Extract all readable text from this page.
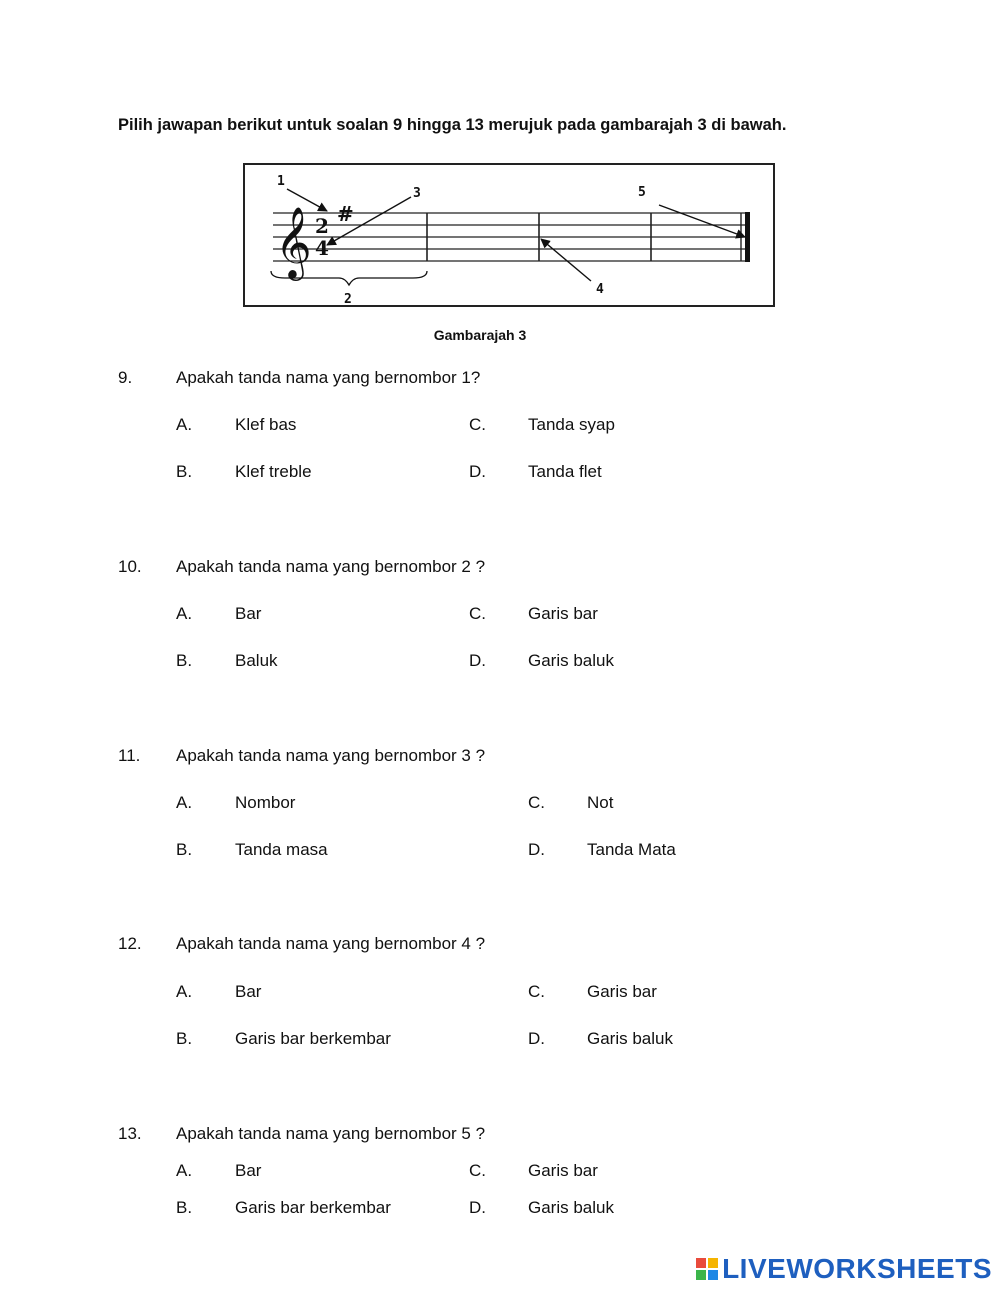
Pilih jawapan berikut untuk soalan 9 hingga 13 merujuk pada gambarajah 3 di bawah.
𝄞 2
4
#
1
2
3
4
5
Gambarajah 3
9.	Apakah tanda nama yang bernombor 1?
A.	Klef bas	C. Tanda syap
B.	Klef treble	D. Tanda flet
10. Apakah tanda nama yang bernombor 2 ?
A.	Bar	C. Garis bar
B.	Baluk	D. Garis baluk
11. Apakah tanda nama yang bernombor 3 ?
A.	Nombor	C. Not
B.	Tanda masa	D. Tanda Mata
12. Apakah tanda nama yang bernombor 4 ?
A.	Bar	C. Garis bar
B.	Garis bar berkembar	D. Garis baluk
13. Apakah tanda nama yang bernombor 5 ?
A.	Bar	C. Garis bar
B.	Garis bar berkembar	D. Garis baluk
LIVEWORKSHEETS
